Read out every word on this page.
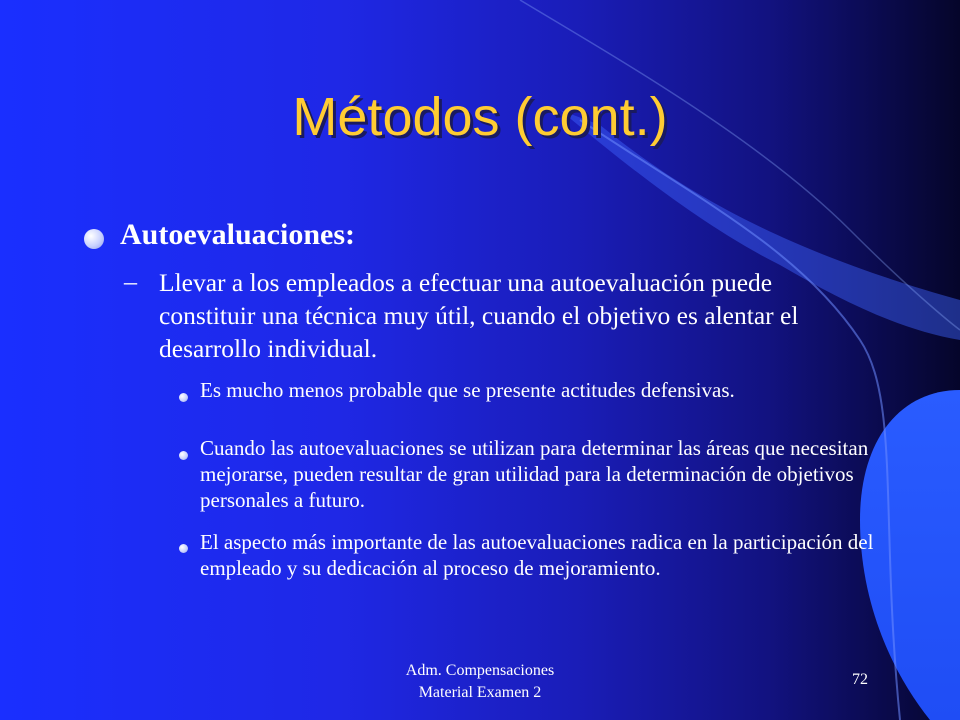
Métodos (cont.)
Autoevaluaciones:
– Llevar a los empleados a efectuar una autoevaluación puede constituir una técnica muy útil, cuando el objetivo es alentar el desarrollo individual.
Es mucho menos probable que se presente actitudes defensivas.
Cuando las autoevaluaciones se utilizan para determinar las áreas que necesitan mejorarse, pueden resultar de gran utilidad para la determinación de objetivos personales a futuro.
El aspecto más importante de las autoevaluaciones radica en la participación del empleado y su dedicación al proceso de mejoramiento.
Adm. Compensaciones Material Examen 2
72
